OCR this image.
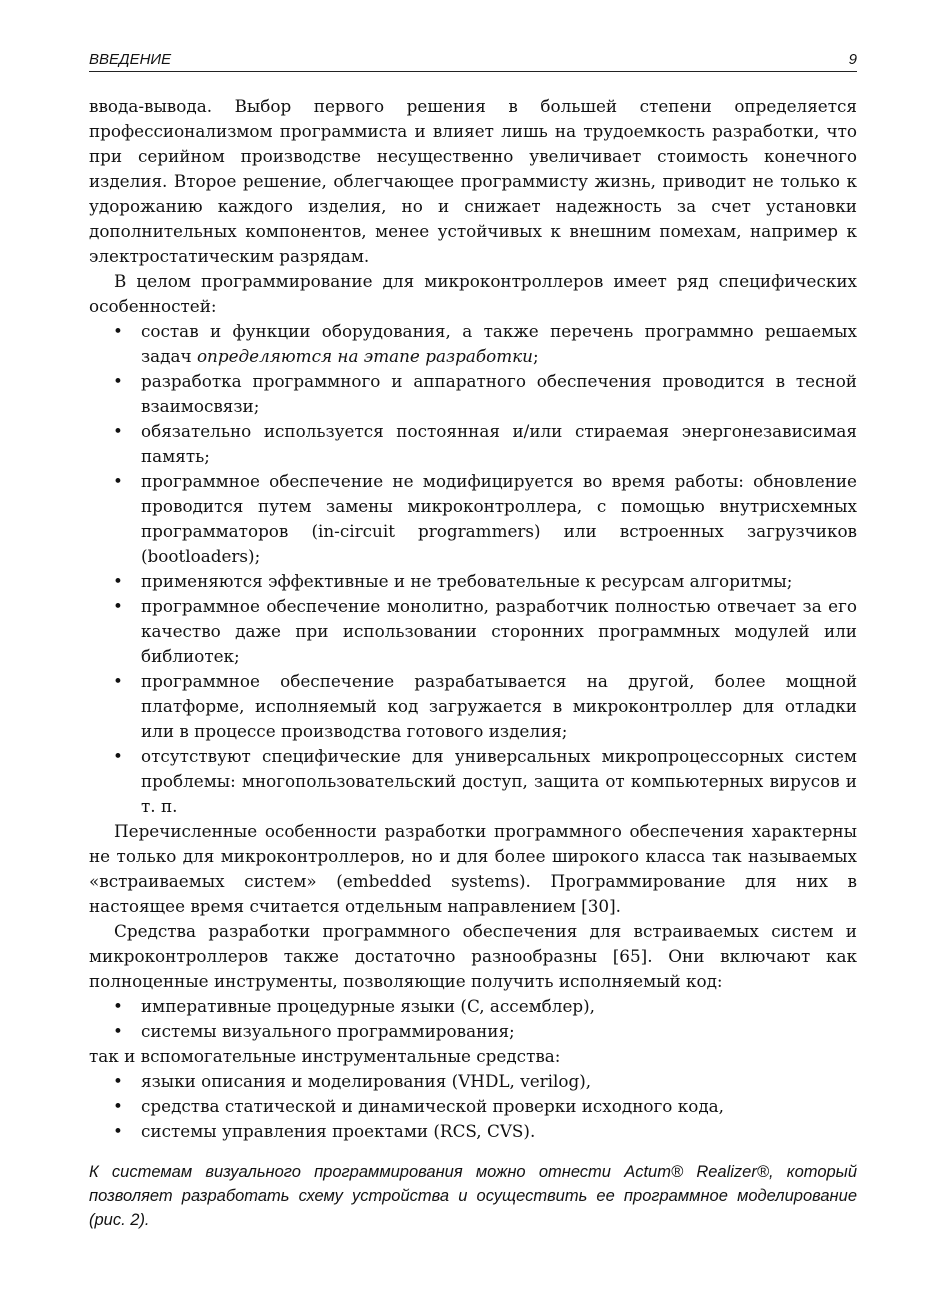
ВВЕДЕНИЕ	9

ввода-вывода. Выбор первого решения в большей степени определяется профессионализмом программиста и влияет лишь на трудоемкость разработки, что при серийном производстве несущественно увеличивает стоимость конечного изделия. Второе решение, облегчающее программисту жизнь, приводит не только к удорожанию каждого изделия, но и снижает надежность за счет установки дополнительных компонентов, менее устойчивых к внешним помехам, например к электростатическим разрядам.

В целом программирование для микроконтроллеров имеет ряд специфических особенностей:

• состав и функции оборудования, а также перечень программно решаемых задач определяются на этапе разработки;
• разработка программного и аппаратного обеспечения проводится в тесной взаимосвязи;
• обязательно используется постоянная и/или стираемая энергонезависимая память;
• программное обеспечение не модифицируется во время работы: обновление проводится путем замены микроконтроллера, с помощью внутрисхемных программаторов (in-circuit programmers) или встроенных загрузчиков (bootloaders);
• применяются эффективные и не требовательные к ресурсам алгоритмы;
• программное обеспечение монолитно, разработчик полностью отвечает за его качество даже при использовании сторонних программных модулей или библиотек;
• программное обеспечение разрабатывается на другой, более мощной платформе, исполняемый код загружается в микроконтроллер для отладки или в процессе производства готового изделия;
• отсутствуют специфические для универсальных микропроцессорных систем проблемы: многопользовательский доступ, защита от компьютерных вирусов и т. п.

Перечисленные особенности разработки программного обеспечения характерны не только для микроконтроллеров, но и для более широкого класса так называемых «встраиваемых систем» (embedded systems). Программирование для них в настоящее время считается отдельным направлением [30].

Средства разработки программного обеспечения для встраиваемых систем и микроконтроллеров также достаточно разнообразны [65]. Они включают как полноценные инструменты, позволяющие получить исполняемый код:

• императивные процедурные языки (C, ассемблер),
• системы визуального программирования;

так и вспомогательные инструментальные средства:

• языки описания и моделирования (VHDL, verilog),
• средства статической и динамической проверки исходного кода,
• системы управления проектами (RCS, CVS).
К системам визуального программирования можно отнести Actum® Realizer®, который позволяет разработать схему устройства и осуществить ее программное моделирование (рис. 2).
